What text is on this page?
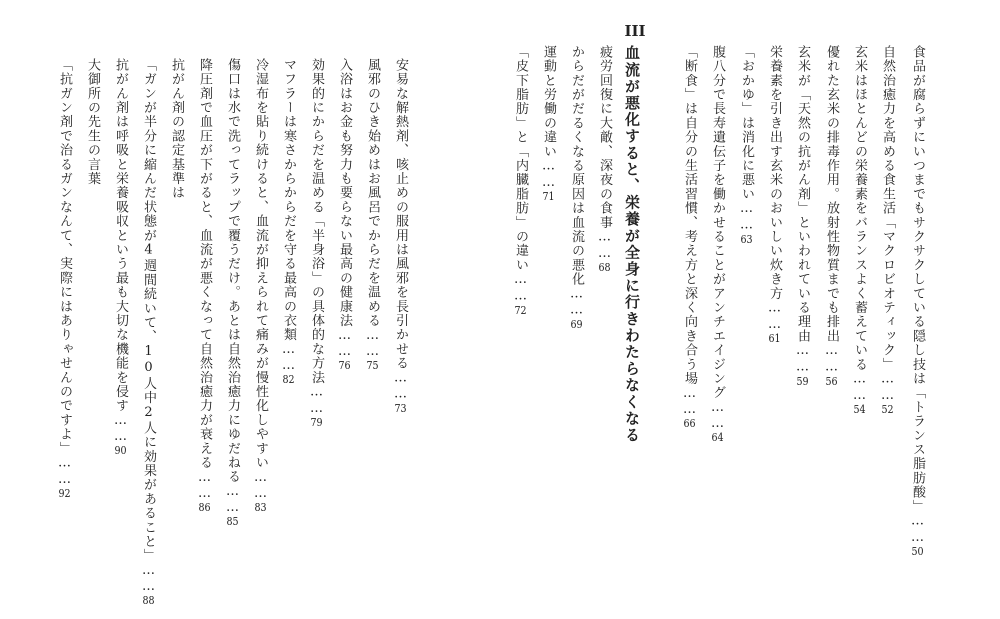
食品が腐らずにいつまでもサクサクしている隠し技は「トランス脂肪酸」……50
自然治癒力を高める食生活「マクロビオティック」……52
玄米はほとんどの栄養素をバランスよく蓄えている……54
優れた玄米の排毒作用。放射性物質までも排出……56
玄米が「天然の抗がん剤」といわれている理由……59
栄養素を引き出す玄米のおいしい炊き方……61
「おかゆ」は消化に悪い……63
腹八分で長寿遺伝子を働かせることがアンチエイジング……64
「断食」は自分の生活習慣、考え方と深く向き合う場……66
III
血流が悪化すると、栄養が全身に行きわたらなくなる
疲労回復に大敵、深夜の食事……68
からだがだるくなる原因は血流の悪化……69
運動と労働の違い……71
「皮下脂肪」と「内臓脂肪」の違い……72
安易な解熱剤、咳止めの服用は風邪を長引かせる……73
風邪のひき始めはお風呂でからだを温める……75
入浴はお金も努力も要らない最高の健康法……76
効果的にからだを温める「半身浴」の具体的な方法……79
マフラーは寒さからからだを守る最高の衣類……82
冷湿布を貼り続けると、血流が抑えられて痛みが慢性化しやすい……83
傷口は水で洗ってラップで覆うだけ。あとは自然治癒力にゆだねる……85
降圧剤で血圧が下がると、血流が悪くなって自然治癒力が衰える……86
抗がん剤の認定基準は
「ガンが半分に縮んだ状態が4週間続いて、10人中2人に効果があること」……88
抗がん剤は呼吸と栄養吸収という最も大切な機能を侵す……90
大御所の先生の言葉
「抗ガン剤で治るガンなんて、実際にはありゃせんのですよ」……92
